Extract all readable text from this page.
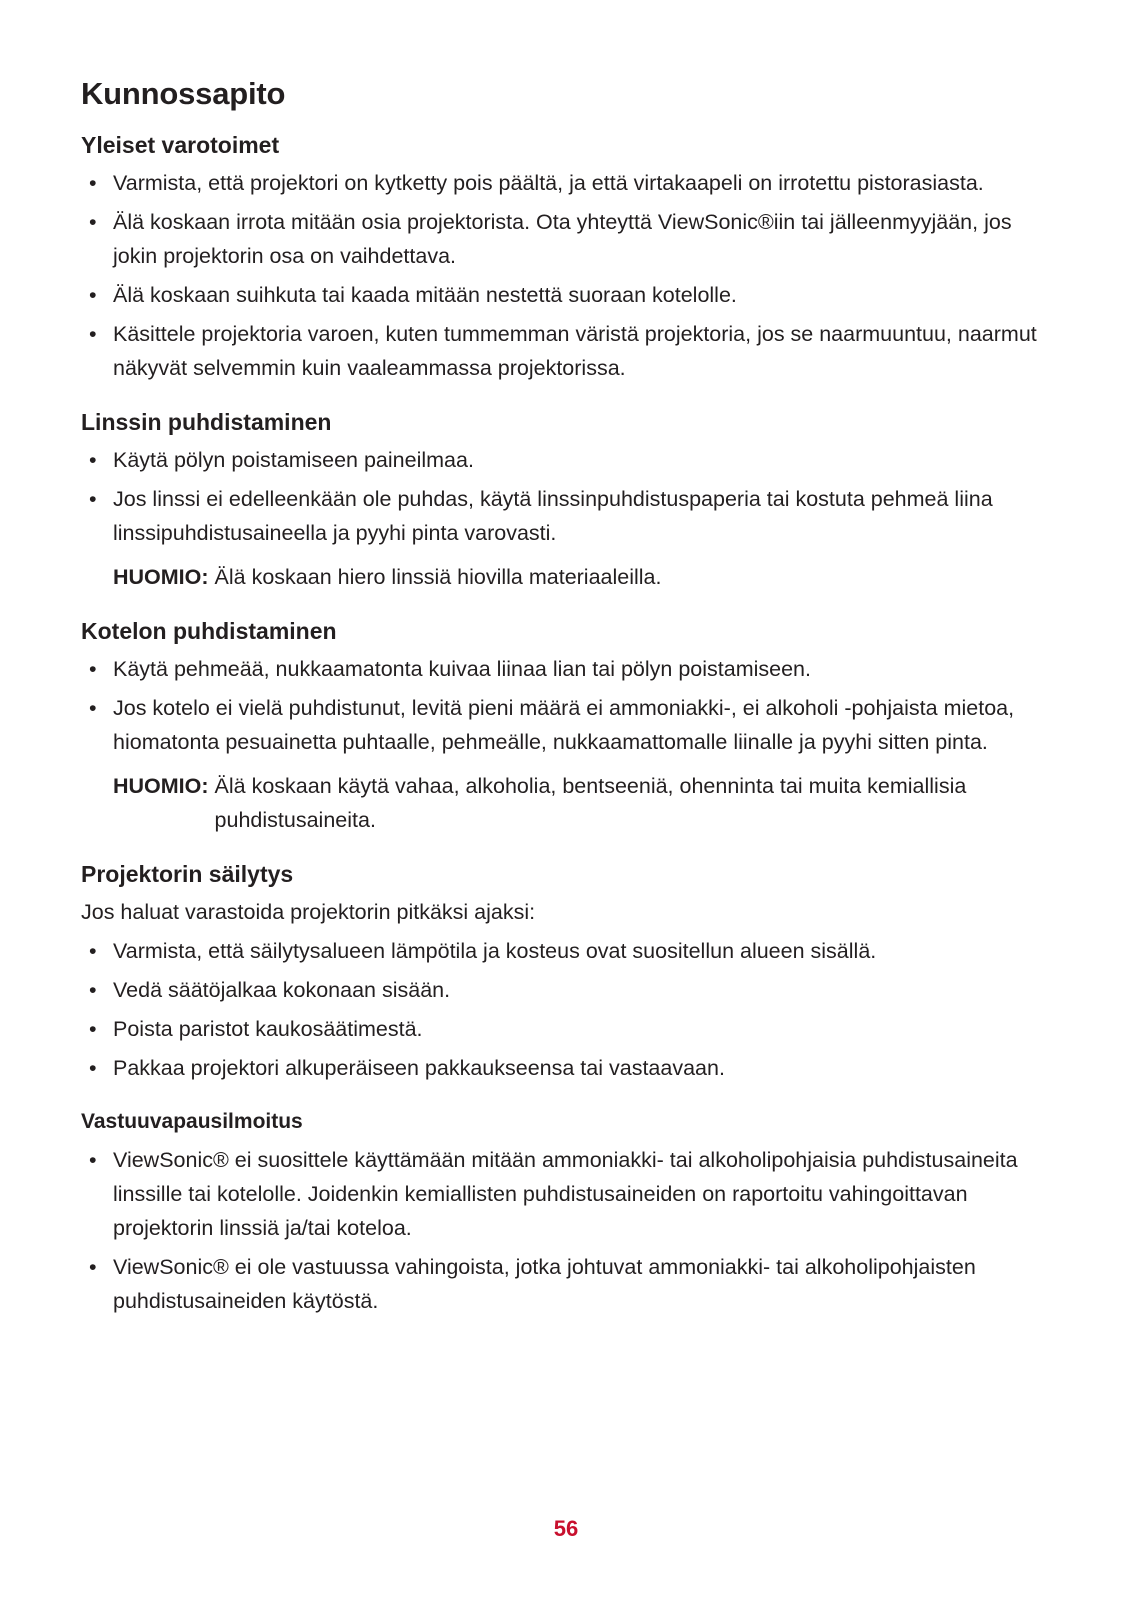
Kunnossapito
Yleiset varotoimet
• Varmista, että projektori on kytketty pois päältä, ja että virtakaapeli on irrotettu pistorasiasta.
• Älä koskaan irrota mitään osia projektorista. Ota yhteyttä ViewSonic®iin tai jälleenmyyjään, jos jokin projektorin osa on vaihdettava.
• Älä koskaan suihkuta tai kaada mitään nestettä suoraan kotelolle.
• Käsittele projektoria varoen, kuten tummemman väristä projektoria, jos se naarmuuntuu, naarmut näkyvät selvemmin kuin vaaleammassa projektorissa.
Linssin puhdistaminen
• Käytä pölyn poistamiseen paineilmaa.
• Jos linssi ei edelleenkään ole puhdas, käytä linssinpuhdistuspaperia tai kostuta pehmeä liina linssipuhdistusaineella ja pyyhi pinta varovasti.
HUOMIO: Älä koskaan hiero linssiä hiovilla materiaaleilla.
Kotelon puhdistaminen
• Käytä pehmeää, nukkaamatonta kuivaa liinaa lian tai pölyn poistamiseen.
• Jos kotelo ei vielä puhdistunut, levitä pieni määrä ei ammoniakki-, ei alkoholi -pohjaista mietoa, hiomatonta pesuainetta puhtaalle, pehmeälle, nukkaamattomalle liinalle ja pyyhi sitten pinta.
HUOMIO: Älä koskaan käytä vahaa, alkoholia, bentseeniä, ohenninta tai muita kemiallisia puhdistusaineita.
Projektorin säilytys

Jos haluat varastoida projektorin pitkäksi ajaksi:

• Varmista, että säilytysalueen lämpötila ja kosteus ovat suositellun alueen sisällä.
• Vedä säätöjalkaa kokonaan sisään.
• Poista paristot kaukosäätimestä.
• Pakkaa projektori alkuperäiseen pakkaukseensa tai vastaavaan.
Vastuuvapausilmoitus
• ViewSonic® ei suosittele käyttämään mitään ammoniakki- tai alkoholipohjaisia puhdistusaineita linssille tai kotelolle. Joidenkin kemiallisten puhdistusaineiden on raportoitu vahingoittavan projektorin linssiä ja/tai koteloa.
• ViewSonic® ei ole vastuussa vahingoista, jotka johtuvat ammoniakki- tai alkoholipohjaisten puhdistusaineiden käytöstä.
56
